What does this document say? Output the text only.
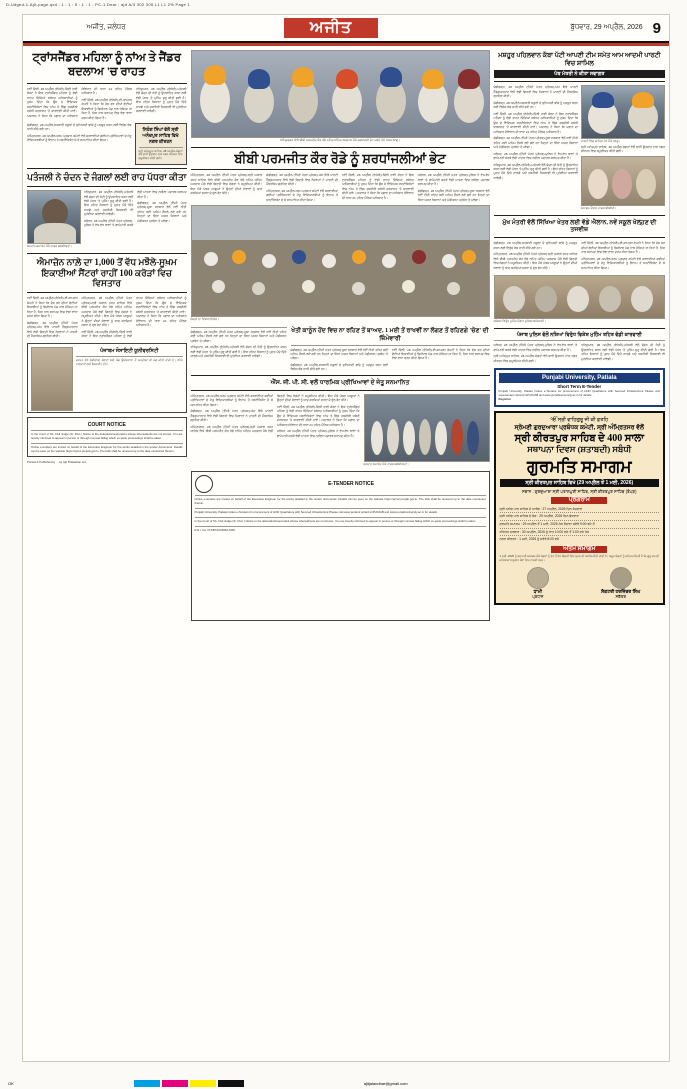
D-Udged-1-Ajit-page.qxd : 1 : 1 : 5 : 1 : 1 : PC-1 Dear : ajit A/3 302 305 L1 L1 2% Page 1
ਅਜੀਤ, ਜਲੰਧਰ	ਅਜੀਤ	ਬੁੱਧਵਾਰ, 29 ਅਪ੍ਰੈਲ, 2026 9
ਟ੍ਰਾਂਸਜੈਂਡਰ ਮਹਿਲਾ ਨੂੰ ਨਾਂਅ ਤੇ ਜੈਂਡਰ ਬਦਲਾਅ 'ਚ ਰਾਹਤ

ਨਵੀਂ ਦਿੱਲੀ, 28 ਅਪ੍ਰੈਲ (ਏਜੰਸੀ)-ਦਿੱਲੀ ਹਾਈ ਕੋਰਟ ਨੇ ਇਕ ਟ੍ਰਾਂਸਜੈਂਡਰ ਮਹਿਲਾ ਨੂੰ ਵੱਡੀ ਰਾਹਤ ਦਿੰਦਿਆਂ ਸਬੰਧਤ ਅਧਿਕਾਰੀਆਂ ਨੂੰ ਹੁਕਮ ਦਿੱਤਾ ਕਿ ਉਸ ਦੇ ਵਿੱਦਿਅਕ ਸਰਟੀਫਿਕੇਟਾਂ ਵਿਚ ਨਾਂਅ ਤੇ ਲਿੰਗ ਤਬਦੀਲੀ ਸਬੰਧੀ ਦਰਖ਼ਾਸਤ 'ਤੇ ਕਾਰਵਾਈ ਕੀਤੀ ਜਾਵੇ। ਅਦਾਲਤ ਨੇ ਕਿਹਾ ਕਿ ਪਛਾਣ ਦਾ ਅਧਿਕਾਰ ਸੰਵਿਧਾਨ ਦੀ ਧਾਰਾ 21 ਤਹਿਤ ਮੌਲਿਕ ਅਧਿਕਾਰ ਹੈ।

ਨਵੀਂ ਦਿੱਲੀ, 28 ਅਪ੍ਰੈਲ (ਏਜੰਸੀ)-ਈ-ਕਾਮਰਸ ਕੰਪਨੀ ਨੇ ਕਿਹਾ ਕਿ ਦੇਸ਼ ਭਰ ਦੀਆਂ ਛੋਟੀਆਂ ਇਕਾਈਆਂ ਨੂੰ ਡਿਜੀਟਲ ਮੰਚ ਨਾਲ ਜੋੜਿਆ ਜਾ ਰਿਹਾ ਹੈ, ਜਿਸ ਨਾਲ ਬਰਾਮਦ ਵਿਚ ਵੱਡਾ ਵਾਧਾ ਦਰਜ ਕੀਤਾ ਗਿਆ ਹੈ।

ਹਰਿਦੁਆਰ, 28 ਅਪ੍ਰੈਲ (ਏਜੰਸੀ)-ਪਤੰਜਲੀ ਵੱਲੋਂ ਚੰਦਨ ਦੀ ਖੇਤੀ ਨੂੰ ਉਤਸ਼ਾਹਿਤ ਕਰਨ ਲਈ ਵੱਡੀ ਪੱਧਰ 'ਤੇ ਮੁਹਿੰਮ ਸ਼ੁਰੂ ਕੀਤੀ ਗਈ ਹੈ। ਇਸ ਤਹਿਤ ਕਿਸਾਨਾਂ ਨੂੰ ਮੁਫ਼ਤ ਪੌਦੇ ਦਿੱਤੇ ਜਾਣਗੇ ਅਤੇ ਤਕਨੀਕੀ ਸਿਖਲਾਈ ਵੀ ਮੁਹੱਈਆ ਕਰਵਾਈ ਜਾਵੇਗੀ।

ਚੰਡੀਗੜ੍ਹ, 28 ਅਪ੍ਰੈਲ-ਸਰਕਾਰੀ ਸਕੂਲਾਂ ਦੇ ਬੁਨਿਆਦੀ ਢਾਂਚੇ ਨੂੰ ਮਜ਼ਬੂਤ ਕਰਨ ਲਈ ਵਿਸ਼ੇਸ਼ ਫੰਡ ਜਾਰੀ ਕੀਤੇ ਗਏ ਹਨ।

ਅੰਮ੍ਰਿਤਸਰ, 28 ਅਪ੍ਰੈਲ-ਧਰਮ ਪ੍ਰਚਾਰ ਕਮੇਟੀ ਵੱਲੋਂ ਕਰਵਾਈਆਂ ਗਈਆਂ ਪ੍ਰੀਖਿਆਵਾਂ ਦੇ ਜੇਤੂ ਵਿਦਿਆਰਥੀਆਂ ਨੂੰ ਇਨਾਮ ਤੇ ਸਰਟੀਫਿਕੇਟ ਦੇ ਕੇ ਸਨਮਾਨਿਤ ਕੀਤਾ ਗਿਆ।

ਨਿਹੰਗ ਸਿੰਘਾਂ ਵੱਲੋਂ ਸ੍ਰੀ ਅਨੰਦਪੁਰ ਸਾਹਿਬ ਵਿਖੇ ਨਗਰ ਕੀਰਤਨ
ਸ੍ਰੀ ਅਨੰਦਪੁਰ ਸਾਹਿਬ, 28 ਅਪ੍ਰੈਲ-ਸੰਗਤਾਂ ਵੱਲੋਂ ਭਾਰੀ ਉਤਸ਼ਾਹ ਨਾਲ ਨਗਰ ਕੀਰਤਨ ਵਿਚ ਸ਼ਮੂਲੀਅਤ ਕੀਤੀ ਗਈ।
ਪਤੰਜਲੀ ਨੇ ਚੰਦਨ ਦੇ ਜੰਗਲਾਂ ਲਈ ਰਾਹ ਪੱਧਰਾ ਕੀਤਾ
ਸਨਮਾਨ ਸਮਾਰੋਹ ਮੌਕੇ ਹਾਜ਼ਰ ਸ਼ਖ਼ਸੀਅਤਾਂ।

ਹਰਿਦੁਆਰ, 28 ਅਪ੍ਰੈਲ (ਏਜੰਸੀ)-ਪਤੰਜਲੀ ਵੱਲੋਂ ਚੰਦਨ ਦੀ ਖੇਤੀ ਨੂੰ ਉਤਸ਼ਾਹਿਤ ਕਰਨ ਲਈ ਵੱਡੀ ਪੱਧਰ 'ਤੇ ਮੁਹਿੰਮ ਸ਼ੁਰੂ ਕੀਤੀ ਗਈ ਹੈ। ਇਸ ਤਹਿਤ ਕਿਸਾਨਾਂ ਨੂੰ ਮੁਫ਼ਤ ਪੌਦੇ ਦਿੱਤੇ ਜਾਣਗੇ ਅਤੇ ਤਕਨੀਕੀ ਸਿਖਲਾਈ ਵੀ ਮੁਹੱਈਆ ਕਰਵਾਈ ਜਾਵੇਗੀ।

ਜਲੰਧਰ, 28 ਅਪ੍ਰੈਲ (ਨਿੱਜੀ ਪੱਤਰ ਪ੍ਰੇਰਕ)-ਪੁਲਿਸ ਨੇ ਵੱਖ-ਵੱਖ ਥਾਵਾਂ 'ਤੇ ਛਾਪੇਮਾਰੀ ਕਰਕੇ ਵੱਡੀ ਮਾਤਰਾ ਵਿਚ ਨਸ਼ੀਲਾ ਪਦਾਰਥ ਬਰਾਮਦ ਕੀਤਾ ਹੈ।

ਚੰਡੀਗੜ੍ਹ, 28 ਅਪ੍ਰੈਲ (ਨਿੱਜੀ ਪੱਤਰ ਪ੍ਰੇਰਕ)-ਸੂਬਾ ਸਰਕਾਰ ਵੱਲੋਂ ਨਵੀਂ ਨੀਤੀ ਤਹਿਤ ਕਈ ਅਹਿਮ ਫ਼ੈਸਲੇ ਲਏ ਗਏ ਹਨ ਜਿਨ੍ਹਾਂ ਦਾ ਸਿੱਧਾ ਅਸਰ ਕਿਸਾਨਾਂ ਅਤੇ ਮੰਡੀਕਰਨ ਪ੍ਰਬੰਧ 'ਤੇ ਪਵੇਗਾ।

ਐਮਾਜ਼ੋਨ ਨਾਲ਼ੇ ਦਾ 1,000 ਤੋਂ ਵੱਧ ਮਝੌਲੇ-ਸੂਖ਼ਮ ਇਕਾਈਆਂ ਸੈਂਟਰਾਂ ਰਾਹੀਂ 100 ਕਰੋੜਾਂ ਵਿਚ ਵਿਸਤਾਰ

ਨਵੀਂ ਦਿੱਲੀ, 28 ਅਪ੍ਰੈਲ (ਏਜੰਸੀ)-ਈ-ਕਾਮਰਸ ਕੰਪਨੀ ਨੇ ਕਿਹਾ ਕਿ ਦੇਸ਼ ਭਰ ਦੀਆਂ ਛੋਟੀਆਂ ਇਕਾਈਆਂ ਨੂੰ ਡਿਜੀਟਲ ਮੰਚ ਨਾਲ ਜੋੜਿਆ ਜਾ ਰਿਹਾ ਹੈ, ਜਿਸ ਨਾਲ ਬਰਾਮਦ ਵਿਚ ਵੱਡਾ ਵਾਧਾ ਦਰਜ ਕੀਤਾ ਗਿਆ ਹੈ।

ਚੰਡੀਗੜ੍ਹ, 28 ਅਪ੍ਰੈਲ (ਨਿੱਜੀ ਪੱਤਰ ਪ੍ਰੇਰਕ)-ਅੱਜ ਇਥੇ ਪਾਰਟੀ ਹੈੱਡਕੁਆਰਟਰ ਵਿਖੇ ਵੱਡੀ ਗਿਣਤੀ ਵਿਚ ਨੌਜਵਾਨਾਂ ਨੇ ਪਾਰਟੀ ਦੀ ਮੈਂਬਰਸ਼ਿਪ ਗ੍ਰਹਿਣ ਕੀਤੀ।

ਅੰਮ੍ਰਿਤਸਰ, 28 ਅਪ੍ਰੈਲ (ਨਿੱਜੀ ਪੱਤਰ ਪ੍ਰੇਰਕ)-ਸ੍ਰੀ ਅਕਾਲ ਤਖ਼ਤ ਸਾਹਿਬ ਵਿਖੇ ਬੀਬੀ ਪਰਮਜੀਤ ਕੌਰ ਰੋਡੇ ਨਮਿੱਤ ਅੰਤਿਮ ਅਰਦਾਸ ਮੌਕੇ ਵੱਡੀ ਗਿਣਤੀ ਵਿਚ ਸੰਗਤਾਂ ਨੇ ਸ਼ਮੂਲੀਅਤ ਕੀਤੀ। ਇਸ ਮੌਕੇ ਪੰਥਕ ਆਗੂਆਂ ਨੇ ਉਨ੍ਹਾਂ ਦੀਆਂ ਸੇਵਾਵਾਂ ਨੂੰ ਯਾਦ ਕਰਦਿਆਂ ਸ਼ਰਧਾ ਦੇ ਫੁੱਲ ਭੇਟ ਕੀਤੇ।

ਨਵੀਂ ਦਿੱਲੀ, 28 ਅਪ੍ਰੈਲ (ਏਜੰਸੀ)-ਦਿੱਲੀ ਹਾਈ ਕੋਰਟ ਨੇ ਇਕ ਟ੍ਰਾਂਸਜੈਂਡਰ ਮਹਿਲਾ ਨੂੰ ਵੱਡੀ ਰਾਹਤ ਦਿੰਦਿਆਂ ਸਬੰਧਤ ਅਧਿਕਾਰੀਆਂ ਨੂੰ ਹੁਕਮ ਦਿੱਤਾ ਕਿ ਉਸ ਦੇ ਵਿੱਦਿਅਕ ਸਰਟੀਫਿਕੇਟਾਂ ਵਿਚ ਨਾਂਅ ਤੇ ਲਿੰਗ ਤਬਦੀਲੀ ਸਬੰਧੀ ਦਰਖ਼ਾਸਤ 'ਤੇ ਕਾਰਵਾਈ ਕੀਤੀ ਜਾਵੇ। ਅਦਾਲਤ ਨੇ ਕਿਹਾ ਕਿ ਪਛਾਣ ਦਾ ਅਧਿਕਾਰ ਸੰਵਿਧਾਨ ਦੀ ਧਾਰਾ 21 ਤਹਿਤ ਮੌਲਿਕ ਅਧਿਕਾਰ ਹੈ।

ਪੰਜਾਬਮ ਸੋਸਾਇਟੀ ਯੂਨੀਵਰਸਿਟੀ
ਦਫ਼ਤਰ ਵੱਲੋਂ ਲੋੜੀਂਦੀਆਂ ਸੇਵਾਵਾਂ ਲਈ ਯੋਗ ਉਮੀਦਵਾਰਾਂ ਤੋਂ ਅਰਜ਼ੀਆਂ ਦੀ ਮੰਗ ਕੀਤੀ ਜਾਂਦੀ ਹੈ। ਵਧੇਰੇ ਜਾਣਕਾਰੀ ਲਈ ਵੈੱਬਸਾਈਟ ਵੇਖੋ।
COURT NOTICE
In the Court of Sh. Civil Judge (Sr. Divn.) Notice to the defendant/respondent whose whereabouts are not known. You are hereby informed to appear in person or through counsel failing which ex-parte proceedings shall be taken.
Online e-tenders are invited on behalf of the Executive Engineer for the works detailed in the tender documents. Details can be seen on the website https://eproc.punjab.gov.in. The bids shall be received up to the date mentioned therein.
Printed & Published by ... for Ajit Prakashan Ltd.
ਅੰਮ੍ਰਿਤਸਰ ਵਿਖੇ ਬੀਬੀ ਪਰਮਜੀਤ ਕੌਰ ਰੋਡੇ ਨਮਿੱਤ ਅੰਤਿਮ ਅਰਦਾਸ ਮੌਕੇ ਸ਼ਰਧਾਂਜਲੀ ਭੇਟ ਕਰਦੇ ਹੋਏ ਪੰਥਕ ਆਗੂ।
ਬੀਬੀ ਪਰਮਜੀਤ ਕੌਰ ਰੋਡੇ ਨੂੰ ਸ਼ਰਧਾਂਜਲੀਆਂ ਭੇਟ

ਅੰਮ੍ਰਿਤਸਰ, 28 ਅਪ੍ਰੈਲ (ਨਿੱਜੀ ਪੱਤਰ ਪ੍ਰੇਰਕ)-ਸ੍ਰੀ ਅਕਾਲ ਤਖ਼ਤ ਸਾਹਿਬ ਵਿਖੇ ਬੀਬੀ ਪਰਮਜੀਤ ਕੌਰ ਰੋਡੇ ਨਮਿੱਤ ਅੰਤਿਮ ਅਰਦਾਸ ਮੌਕੇ ਵੱਡੀ ਗਿਣਤੀ ਵਿਚ ਸੰਗਤਾਂ ਨੇ ਸ਼ਮੂਲੀਅਤ ਕੀਤੀ। ਇਸ ਮੌਕੇ ਪੰਥਕ ਆਗੂਆਂ ਨੇ ਉਨ੍ਹਾਂ ਦੀਆਂ ਸੇਵਾਵਾਂ ਨੂੰ ਯਾਦ ਕਰਦਿਆਂ ਸ਼ਰਧਾ ਦੇ ਫੁੱਲ ਭੇਟ ਕੀਤੇ।

ਚੰਡੀਗੜ੍ਹ, 28 ਅਪ੍ਰੈਲ (ਨਿੱਜੀ ਪੱਤਰ ਪ੍ਰੇਰਕ)-ਅੱਜ ਇਥੇ ਪਾਰਟੀ ਹੈੱਡਕੁਆਰਟਰ ਵਿਖੇ ਵੱਡੀ ਗਿਣਤੀ ਵਿਚ ਨੌਜਵਾਨਾਂ ਨੇ ਪਾਰਟੀ ਦੀ ਮੈਂਬਰਸ਼ਿਪ ਗ੍ਰਹਿਣ ਕੀਤੀ।

ਅੰਮ੍ਰਿਤਸਰ, 28 ਅਪ੍ਰੈਲ-ਧਰਮ ਪ੍ਰਚਾਰ ਕਮੇਟੀ ਵੱਲੋਂ ਕਰਵਾਈਆਂ ਗਈਆਂ ਪ੍ਰੀਖਿਆਵਾਂ ਦੇ ਜੇਤੂ ਵਿਦਿਆਰਥੀਆਂ ਨੂੰ ਇਨਾਮ ਤੇ ਸਰਟੀਫਿਕੇਟ ਦੇ ਕੇ ਸਨਮਾਨਿਤ ਕੀਤਾ ਗਿਆ।

ਨਵੀਂ ਦਿੱਲੀ, 28 ਅਪ੍ਰੈਲ (ਏਜੰਸੀ)-ਦਿੱਲੀ ਹਾਈ ਕੋਰਟ ਨੇ ਇਕ ਟ੍ਰਾਂਸਜੈਂਡਰ ਮਹਿਲਾ ਨੂੰ ਵੱਡੀ ਰਾਹਤ ਦਿੰਦਿਆਂ ਸਬੰਧਤ ਅਧਿਕਾਰੀਆਂ ਨੂੰ ਹੁਕਮ ਦਿੱਤਾ ਕਿ ਉਸ ਦੇ ਵਿੱਦਿਅਕ ਸਰਟੀਫਿਕੇਟਾਂ ਵਿਚ ਨਾਂਅ ਤੇ ਲਿੰਗ ਤਬਦੀਲੀ ਸਬੰਧੀ ਦਰਖ਼ਾਸਤ 'ਤੇ ਕਾਰਵਾਈ ਕੀਤੀ ਜਾਵੇ। ਅਦਾਲਤ ਨੇ ਕਿਹਾ ਕਿ ਪਛਾਣ ਦਾ ਅਧਿਕਾਰ ਸੰਵਿਧਾਨ ਦੀ ਧਾਰਾ 21 ਤਹਿਤ ਮੌਲਿਕ ਅਧਿਕਾਰ ਹੈ।

ਜਲੰਧਰ, 28 ਅਪ੍ਰੈਲ (ਨਿੱਜੀ ਪੱਤਰ ਪ੍ਰੇਰਕ)-ਪੁਲਿਸ ਨੇ ਵੱਖ-ਵੱਖ ਥਾਵਾਂ 'ਤੇ ਛਾਪੇਮਾਰੀ ਕਰਕੇ ਵੱਡੀ ਮਾਤਰਾ ਵਿਚ ਨਸ਼ੀਲਾ ਪਦਾਰਥ ਬਰਾਮਦ ਕੀਤਾ ਹੈ।

ਚੰਡੀਗੜ੍ਹ, 28 ਅਪ੍ਰੈਲ (ਨਿੱਜੀ ਪੱਤਰ ਪ੍ਰੇਰਕ)-ਸੂਬਾ ਸਰਕਾਰ ਵੱਲੋਂ ਨਵੀਂ ਨੀਤੀ ਤਹਿਤ ਕਈ ਅਹਿਮ ਫ਼ੈਸਲੇ ਲਏ ਗਏ ਹਨ ਜਿਨ੍ਹਾਂ ਦਾ ਸਿੱਧਾ ਅਸਰ ਕਿਸਾਨਾਂ ਅਤੇ ਮੰਡੀਕਰਨ ਪ੍ਰਬੰਧ 'ਤੇ ਪਵੇਗਾ।

ਸੰਗਤਾਂ ਦਾ ਵਿਸ਼ਾਲ ਇਕੱਠ।

ਚੰਡੀਗੜ੍ਹ, 28 ਅਪ੍ਰੈਲ (ਨਿੱਜੀ ਪੱਤਰ ਪ੍ਰੇਰਕ)-ਸੂਬਾ ਸਰਕਾਰ ਵੱਲੋਂ ਨਵੀਂ ਨੀਤੀ ਤਹਿਤ ਕਈ ਅਹਿਮ ਫ਼ੈਸਲੇ ਲਏ ਗਏ ਹਨ ਜਿਨ੍ਹਾਂ ਦਾ ਸਿੱਧਾ ਅਸਰ ਕਿਸਾਨਾਂ ਅਤੇ ਮੰਡੀਕਰਨ ਪ੍ਰਬੰਧ 'ਤੇ ਪਵੇਗਾ।

ਹਰਿਦੁਆਰ, 28 ਅਪ੍ਰੈਲ (ਏਜੰਸੀ)-ਪਤੰਜਲੀ ਵੱਲੋਂ ਚੰਦਨ ਦੀ ਖੇਤੀ ਨੂੰ ਉਤਸ਼ਾਹਿਤ ਕਰਨ ਲਈ ਵੱਡੀ ਪੱਧਰ 'ਤੇ ਮੁਹਿੰਮ ਸ਼ੁਰੂ ਕੀਤੀ ਗਈ ਹੈ। ਇਸ ਤਹਿਤ ਕਿਸਾਨਾਂ ਨੂੰ ਮੁਫ਼ਤ ਪੌਦੇ ਦਿੱਤੇ ਜਾਣਗੇ ਅਤੇ ਤਕਨੀਕੀ ਸਿਖਲਾਈ ਵੀ ਮੁਹੱਈਆ ਕਰਵਾਈ ਜਾਵੇਗੀ।

ਖੇਤੀ ਕਾਨੂੰਨ ਹੋਂਦ ਵਿਚ ਨਾ ਰਹਿਣ ਤੋਂ ਬਾਅਦ, 1 ਮਈ ਤੋਂ ਰਾਖਵੀਂ ਨਾ ਲੱਗਣ ਤੋਂ ਰਹਿਣਗੇ 'ਚੋਣ' ਦੀ ਜ਼ਿੰਮੇਵਾਰੀ

ਚੰਡੀਗੜ੍ਹ, 28 ਅਪ੍ਰੈਲ (ਨਿੱਜੀ ਪੱਤਰ ਪ੍ਰੇਰਕ)-ਸੂਬਾ ਸਰਕਾਰ ਵੱਲੋਂ ਨਵੀਂ ਨੀਤੀ ਤਹਿਤ ਕਈ ਅਹਿਮ ਫ਼ੈਸਲੇ ਲਏ ਗਏ ਹਨ ਜਿਨ੍ਹਾਂ ਦਾ ਸਿੱਧਾ ਅਸਰ ਕਿਸਾਨਾਂ ਅਤੇ ਮੰਡੀਕਰਨ ਪ੍ਰਬੰਧ 'ਤੇ ਪਵੇਗਾ।

ਚੰਡੀਗੜ੍ਹ, 28 ਅਪ੍ਰੈਲ-ਸਰਕਾਰੀ ਸਕੂਲਾਂ ਦੇ ਬੁਨਿਆਦੀ ਢਾਂਚੇ ਨੂੰ ਮਜ਼ਬੂਤ ਕਰਨ ਲਈ ਵਿਸ਼ੇਸ਼ ਫੰਡ ਜਾਰੀ ਕੀਤੇ ਗਏ ਹਨ।

ਨਵੀਂ ਦਿੱਲੀ, 28 ਅਪ੍ਰੈਲ (ਏਜੰਸੀ)-ਈ-ਕਾਮਰਸ ਕੰਪਨੀ ਨੇ ਕਿਹਾ ਕਿ ਦੇਸ਼ ਭਰ ਦੀਆਂ ਛੋਟੀਆਂ ਇਕਾਈਆਂ ਨੂੰ ਡਿਜੀਟਲ ਮੰਚ ਨਾਲ ਜੋੜਿਆ ਜਾ ਰਿਹਾ ਹੈ, ਜਿਸ ਨਾਲ ਬਰਾਮਦ ਵਿਚ ਵੱਡਾ ਵਾਧਾ ਦਰਜ ਕੀਤਾ ਗਿਆ ਹੈ।

ਐੱਸ. ਜੀ. ਪੀ. ਸੀ. ਵਲੋਂ ਧਾਰਮਿਕ ਪ੍ਰੀਖਿਆਵਾਂ ਦੇ ਜੇਤੂ ਸਨਮਾਨਿਤ

ਅੰਮ੍ਰਿਤਸਰ, 28 ਅਪ੍ਰੈਲ-ਧਰਮ ਪ੍ਰਚਾਰ ਕਮੇਟੀ ਵੱਲੋਂ ਕਰਵਾਈਆਂ ਗਈਆਂ ਪ੍ਰੀਖਿਆਵਾਂ ਦੇ ਜੇਤੂ ਵਿਦਿਆਰਥੀਆਂ ਨੂੰ ਇਨਾਮ ਤੇ ਸਰਟੀਫਿਕੇਟ ਦੇ ਕੇ ਸਨਮਾਨਿਤ ਕੀਤਾ ਗਿਆ।

ਚੰਡੀਗੜ੍ਹ, 28 ਅਪ੍ਰੈਲ (ਨਿੱਜੀ ਪੱਤਰ ਪ੍ਰੇਰਕ)-ਅੱਜ ਇਥੇ ਪਾਰਟੀ ਹੈੱਡਕੁਆਰਟਰ ਵਿਖੇ ਵੱਡੀ ਗਿਣਤੀ ਵਿਚ ਨੌਜਵਾਨਾਂ ਨੇ ਪਾਰਟੀ ਦੀ ਮੈਂਬਰਸ਼ਿਪ ਗ੍ਰਹਿਣ ਕੀਤੀ।

ਅੰਮ੍ਰਿਤਸਰ, 28 ਅਪ੍ਰੈਲ (ਨਿੱਜੀ ਪੱਤਰ ਪ੍ਰੇਰਕ)-ਸ੍ਰੀ ਅਕਾਲ ਤਖ਼ਤ ਸਾਹਿਬ ਵਿਖੇ ਬੀਬੀ ਪਰਮਜੀਤ ਕੌਰ ਰੋਡੇ ਨਮਿੱਤ ਅੰਤਿਮ ਅਰਦਾਸ ਮੌਕੇ ਵੱਡੀ ਗਿਣਤੀ ਵਿਚ ਸੰਗਤਾਂ ਨੇ ਸ਼ਮੂਲੀਅਤ ਕੀਤੀ। ਇਸ ਮੌਕੇ ਪੰਥਕ ਆਗੂਆਂ ਨੇ ਉਨ੍ਹਾਂ ਦੀਆਂ ਸੇਵਾਵਾਂ ਨੂੰ ਯਾਦ ਕਰਦਿਆਂ ਸ਼ਰਧਾ ਦੇ ਫੁੱਲ ਭੇਟ ਕੀਤੇ।

ਨਵੀਂ ਦਿੱਲੀ, 28 ਅਪ੍ਰੈਲ (ਏਜੰਸੀ)-ਦਿੱਲੀ ਹਾਈ ਕੋਰਟ ਨੇ ਇਕ ਟ੍ਰਾਂਸਜੈਂਡਰ ਮਹਿਲਾ ਨੂੰ ਵੱਡੀ ਰਾਹਤ ਦਿੰਦਿਆਂ ਸਬੰਧਤ ਅਧਿਕਾਰੀਆਂ ਨੂੰ ਹੁਕਮ ਦਿੱਤਾ ਕਿ ਉਸ ਦੇ ਵਿੱਦਿਅਕ ਸਰਟੀਫਿਕੇਟਾਂ ਵਿਚ ਨਾਂਅ ਤੇ ਲਿੰਗ ਤਬਦੀਲੀ ਸਬੰਧੀ ਦਰਖ਼ਾਸਤ 'ਤੇ ਕਾਰਵਾਈ ਕੀਤੀ ਜਾਵੇ। ਅਦਾਲਤ ਨੇ ਕਿਹਾ ਕਿ ਪਛਾਣ ਦਾ ਅਧਿਕਾਰ ਸੰਵਿਧਾਨ ਦੀ ਧਾਰਾ 21 ਤਹਿਤ ਮੌਲਿਕ ਅਧਿਕਾਰ ਹੈ।

ਜਲੰਧਰ, 28 ਅਪ੍ਰੈਲ (ਨਿੱਜੀ ਪੱਤਰ ਪ੍ਰੇਰਕ)-ਪੁਲਿਸ ਨੇ ਵੱਖ-ਵੱਖ ਥਾਵਾਂ 'ਤੇ ਛਾਪੇਮਾਰੀ ਕਰਕੇ ਵੱਡੀ ਮਾਤਰਾ ਵਿਚ ਨਸ਼ੀਲਾ ਪਦਾਰਥ ਬਰਾਮਦ ਕੀਤਾ ਹੈ।

ਸਨਮਾਨ ਸਮਾਰੋਹ ਮੌਕੇ ਹਾਜ਼ਰ ਸ਼ਖ਼ਸੀਅਤਾਂ।
E-TENDER NOTICE
Online e-tenders are invited on behalf of the Executive Engineer for the works detailed in the tender documents. Details can be seen on the website https://eproc.punjab.gov.in. The bids shall be received up to the date mentioned therein.
Punjabi University, Patiala invites e-Tenders for procurement of HOD Quadrature with Secured Infrastructure Please visit www.tenders wizard.in/PUNJAB and www.punjabiuniversity.ac.in for details.
In the Court of Sh. Civil Judge (Sr. Divn.) Notice to the defendant/respondent whose whereabouts are not known. You are hereby informed to appear in person or through counsel failing which ex-parte proceedings shall be taken.
R.N.I. No. PUNPUN/2006/17600
ਮਸ਼ਹੂਰ ਪਹਿਲਵਾਨ ਕੱਬਾ ਪੱਟੀ ਆਪਣੀ ਟੀਮ ਸਮੇਤ ਆਮ ਆਦਮੀ ਪਾਰਟੀ ਵਿਚ ਸ਼ਾਮਿਲ
ਪੰਥ ਮੰਤਰੀ ਨੇ ਕੀਤਾ ਸਵਾਗਤ

ਚੰਡੀਗੜ੍ਹ, 28 ਅਪ੍ਰੈਲ (ਨਿੱਜੀ ਪੱਤਰ ਪ੍ਰੇਰਕ)-ਅੱਜ ਇਥੇ ਪਾਰਟੀ ਹੈੱਡਕੁਆਰਟਰ ਵਿਖੇ ਵੱਡੀ ਗਿਣਤੀ ਵਿਚ ਨੌਜਵਾਨਾਂ ਨੇ ਪਾਰਟੀ ਦੀ ਮੈਂਬਰਸ਼ਿਪ ਗ੍ਰਹਿਣ ਕੀਤੀ।

ਚੰਡੀਗੜ੍ਹ, 28 ਅਪ੍ਰੈਲ-ਸਰਕਾਰੀ ਸਕੂਲਾਂ ਦੇ ਬੁਨਿਆਦੀ ਢਾਂਚੇ ਨੂੰ ਮਜ਼ਬੂਤ ਕਰਨ ਲਈ ਵਿਸ਼ੇਸ਼ ਫੰਡ ਜਾਰੀ ਕੀਤੇ ਗਏ ਹਨ।

ਨਵੀਂ ਦਿੱਲੀ, 28 ਅਪ੍ਰੈਲ (ਏਜੰਸੀ)-ਦਿੱਲੀ ਹਾਈ ਕੋਰਟ ਨੇ ਇਕ ਟ੍ਰਾਂਸਜੈਂਡਰ ਮਹਿਲਾ ਨੂੰ ਵੱਡੀ ਰਾਹਤ ਦਿੰਦਿਆਂ ਸਬੰਧਤ ਅਧਿਕਾਰੀਆਂ ਨੂੰ ਹੁਕਮ ਦਿੱਤਾ ਕਿ ਉਸ ਦੇ ਵਿੱਦਿਅਕ ਸਰਟੀਫਿਕੇਟਾਂ ਵਿਚ ਨਾਂਅ ਤੇ ਲਿੰਗ ਤਬਦੀਲੀ ਸਬੰਧੀ ਦਰਖ਼ਾਸਤ 'ਤੇ ਕਾਰਵਾਈ ਕੀਤੀ ਜਾਵੇ। ਅਦਾਲਤ ਨੇ ਕਿਹਾ ਕਿ ਪਛਾਣ ਦਾ ਅਧਿਕਾਰ ਸੰਵਿਧਾਨ ਦੀ ਧਾਰਾ 21 ਤਹਿਤ ਮੌਲਿਕ ਅਧਿਕਾਰ ਹੈ।

ਚੰਡੀਗੜ੍ਹ, 28 ਅਪ੍ਰੈਲ (ਨਿੱਜੀ ਪੱਤਰ ਪ੍ਰੇਰਕ)-ਸੂਬਾ ਸਰਕਾਰ ਵੱਲੋਂ ਨਵੀਂ ਨੀਤੀ ਤਹਿਤ ਕਈ ਅਹਿਮ ਫ਼ੈਸਲੇ ਲਏ ਗਏ ਹਨ ਜਿਨ੍ਹਾਂ ਦਾ ਸਿੱਧਾ ਅਸਰ ਕਿਸਾਨਾਂ ਅਤੇ ਮੰਡੀਕਰਨ ਪ੍ਰਬੰਧ 'ਤੇ ਪਵੇਗਾ।

ਜਲੰਧਰ, 28 ਅਪ੍ਰੈਲ (ਨਿੱਜੀ ਪੱਤਰ ਪ੍ਰੇਰਕ)-ਪੁਲਿਸ ਨੇ ਵੱਖ-ਵੱਖ ਥਾਵਾਂ 'ਤੇ ਛਾਪੇਮਾਰੀ ਕਰਕੇ ਵੱਡੀ ਮਾਤਰਾ ਵਿਚ ਨਸ਼ੀਲਾ ਪਦਾਰਥ ਬਰਾਮਦ ਕੀਤਾ ਹੈ।

ਹਰਿਦੁਆਰ, 28 ਅਪ੍ਰੈਲ (ਏਜੰਸੀ)-ਪਤੰਜਲੀ ਵੱਲੋਂ ਚੰਦਨ ਦੀ ਖੇਤੀ ਨੂੰ ਉਤਸ਼ਾਹਿਤ ਕਰਨ ਲਈ ਵੱਡੀ ਪੱਧਰ 'ਤੇ ਮੁਹਿੰਮ ਸ਼ੁਰੂ ਕੀਤੀ ਗਈ ਹੈ। ਇਸ ਤਹਿਤ ਕਿਸਾਨਾਂ ਨੂੰ ਮੁਫ਼ਤ ਪੌਦੇ ਦਿੱਤੇ ਜਾਣਗੇ ਅਤੇ ਤਕਨੀਕੀ ਸਿਖਲਾਈ ਵੀ ਮੁਹੱਈਆ ਕਰਵਾਈ ਜਾਵੇਗੀ।

ਪਾਰਟੀ ਵਿਚ ਸ਼ਾਮਿਲ ਹੋਣ ਮੌਕੇ ਆਗੂ।

ਸ੍ਰੀ ਅਨੰਦਪੁਰ ਸਾਹਿਬ, 28 ਅਪ੍ਰੈਲ-ਸੰਗਤਾਂ ਵੱਲੋਂ ਭਾਰੀ ਉਤਸ਼ਾਹ ਨਾਲ ਨਗਰ ਕੀਰਤਨ ਵਿਚ ਸ਼ਮੂਲੀਅਤ ਕੀਤੀ ਗਈ।

ਸਮਾਗਮ ਦੌਰਾਨ ਹਾਜ਼ਰ ਬੀਬੀਆਂ।
ਮੁੱਖ ਮੰਤਰੀ ਵੱਲੋਂ ਸਿੱਖਿਆ ਖੇਤਰ ਲਈ ਵੱਡੇ ਐਲਾਨ, ਨਵੇਂ ਸਕੂਲ ਖੋਲ੍ਹਣ ਦੀ ਤਜਵੀਜ਼

ਚੰਡੀਗੜ੍ਹ, 28 ਅਪ੍ਰੈਲ-ਸਰਕਾਰੀ ਸਕੂਲਾਂ ਦੇ ਬੁਨਿਆਦੀ ਢਾਂਚੇ ਨੂੰ ਮਜ਼ਬੂਤ ਕਰਨ ਲਈ ਵਿਸ਼ੇਸ਼ ਫੰਡ ਜਾਰੀ ਕੀਤੇ ਗਏ ਹਨ।

ਅੰਮ੍ਰਿਤਸਰ, 28 ਅਪ੍ਰੈਲ (ਨਿੱਜੀ ਪੱਤਰ ਪ੍ਰੇਰਕ)-ਸ੍ਰੀ ਅਕਾਲ ਤਖ਼ਤ ਸਾਹਿਬ ਵਿਖੇ ਬੀਬੀ ਪਰਮਜੀਤ ਕੌਰ ਰੋਡੇ ਨਮਿੱਤ ਅੰਤਿਮ ਅਰਦਾਸ ਮੌਕੇ ਵੱਡੀ ਗਿਣਤੀ ਵਿਚ ਸੰਗਤਾਂ ਨੇ ਸ਼ਮੂਲੀਅਤ ਕੀਤੀ। ਇਸ ਮੌਕੇ ਪੰਥਕ ਆਗੂਆਂ ਨੇ ਉਨ੍ਹਾਂ ਦੀਆਂ ਸੇਵਾਵਾਂ ਨੂੰ ਯਾਦ ਕਰਦਿਆਂ ਸ਼ਰਧਾ ਦੇ ਫੁੱਲ ਭੇਟ ਕੀਤੇ।

ਨਵੀਂ ਦਿੱਲੀ, 28 ਅਪ੍ਰੈਲ (ਏਜੰਸੀ)-ਈ-ਕਾਮਰਸ ਕੰਪਨੀ ਨੇ ਕਿਹਾ ਕਿ ਦੇਸ਼ ਭਰ ਦੀਆਂ ਛੋਟੀਆਂ ਇਕਾਈਆਂ ਨੂੰ ਡਿਜੀਟਲ ਮੰਚ ਨਾਲ ਜੋੜਿਆ ਜਾ ਰਿਹਾ ਹੈ, ਜਿਸ ਨਾਲ ਬਰਾਮਦ ਵਿਚ ਵੱਡਾ ਵਾਧਾ ਦਰਜ ਕੀਤਾ ਗਿਆ ਹੈ।

ਅੰਮ੍ਰਿਤਸਰ, 28 ਅਪ੍ਰੈਲ-ਧਰਮ ਪ੍ਰਚਾਰ ਕਮੇਟੀ ਵੱਲੋਂ ਕਰਵਾਈਆਂ ਗਈਆਂ ਪ੍ਰੀਖਿਆਵਾਂ ਦੇ ਜੇਤੂ ਵਿਦਿਆਰਥੀਆਂ ਨੂੰ ਇਨਾਮ ਤੇ ਸਰਟੀਫਿਕੇਟ ਦੇ ਕੇ ਸਨਮਾਨਿਤ ਕੀਤਾ ਗਿਆ।

ਨਸ਼ਿਆਂ ਵਿਰੁੱਧ ਮੁਹਿੰਮ ਦੌਰਾਨ ਪੁਲਿਸ ਅਧਿਕਾਰੀ।
ਪੰਜਾਬ ਪੁਲਿਸ ਵੱਲੋਂ ਨਸ਼ਿਆਂ ਵਿਰੁੱਧ ਵਿਸ਼ੇਸ਼ ਮੁਹਿੰਮ ਤਹਿਤ ਵੱਡੀ ਕਾਰਵਾਈ

ਜਲੰਧਰ, 28 ਅਪ੍ਰੈਲ (ਨਿੱਜੀ ਪੱਤਰ ਪ੍ਰੇਰਕ)-ਪੁਲਿਸ ਨੇ ਵੱਖ-ਵੱਖ ਥਾਵਾਂ 'ਤੇ ਛਾਪੇਮਾਰੀ ਕਰਕੇ ਵੱਡੀ ਮਾਤਰਾ ਵਿਚ ਨਸ਼ੀਲਾ ਪਦਾਰਥ ਬਰਾਮਦ ਕੀਤਾ ਹੈ।

ਸ੍ਰੀ ਅਨੰਦਪੁਰ ਸਾਹਿਬ, 28 ਅਪ੍ਰੈਲ-ਸੰਗਤਾਂ ਵੱਲੋਂ ਭਾਰੀ ਉਤਸ਼ਾਹ ਨਾਲ ਨਗਰ ਕੀਰਤਨ ਵਿਚ ਸ਼ਮੂਲੀਅਤ ਕੀਤੀ ਗਈ।

ਹਰਿਦੁਆਰ, 28 ਅਪ੍ਰੈਲ (ਏਜੰਸੀ)-ਪਤੰਜਲੀ ਵੱਲੋਂ ਚੰਦਨ ਦੀ ਖੇਤੀ ਨੂੰ ਉਤਸ਼ਾਹਿਤ ਕਰਨ ਲਈ ਵੱਡੀ ਪੱਧਰ 'ਤੇ ਮੁਹਿੰਮ ਸ਼ੁਰੂ ਕੀਤੀ ਗਈ ਹੈ। ਇਸ ਤਹਿਤ ਕਿਸਾਨਾਂ ਨੂੰ ਮੁਫ਼ਤ ਪੌਦੇ ਦਿੱਤੇ ਜਾਣਗੇ ਅਤੇ ਤਕਨੀਕੀ ਸਿਖਲਾਈ ਵੀ ਮੁਹੱਈਆ ਕਰਵਾਈ ਜਾਵੇਗੀ।

Punjabi University, Patiala
Short Term E-Tender
Punjabi University, Patiala invites e-Tenders for procurement of HOD Quadrature with Secured Infrastructure Please visit www.tenders wizard.in/PUNJAB and www.punjabiuniversity.ac.in for details.
Registrar
ੴ ਸ੍ਰੀ ਵਾਹਿਗੁਰੂ ਜੀ ਕੀ ਫ਼ਤਹਿ
ਸ੍ਰੋਮਣੀ ਗੁਰਦੁਆਰਾ ਪ੍ਰਬੰਧਕ ਕਮੇਟੀ, ਸ੍ਰੀ ਅੰਮ੍ਰਿਤਸਰ ਵੱਲੋਂ
ਸ੍ਰੀ ਕੀਰਤਪੁਰ ਸਾਹਿਬ ਦੇ 400 ਸਾਲਾ
ਸਥਾਪਨਾ ਦਿਵਸ (ਸ਼ਤਾਬਦੀ) ਸਬੰਧੀ
ਗੁਰਮਤਿ ਸਮਾਗਮ
ਸ੍ਰੀ ਕੀਰਤਪੁਰ ਸਾਹਿਬ ਵਿਖੇ (29 ਅਪ੍ਰੈਲ ਤੋਂ 1 ਮਈ, 2026)
ਸਥਾਨ : ਗੁਰਦੁਆਰਾ ਸ੍ਰੀ ਪਤਾਲਪੁਰੀ ਸਾਹਿਬ, ਸ੍ਰੀ ਕੀਰਤਪੁਰ ਸਾਹਿਬ (ਰੋਪੜ)
ਪ੍ਰੋਗਰਾਮ
ਸ੍ਰੀ ਅਖੰਡ ਪਾਠ ਸਾਹਿਬ ਦੇ ਆਰੰਭ : 27 ਅਪ੍ਰੈਲ, 2026 ਦਿਨ ਸੋਮਵਾਰ
ਸ੍ਰੀ ਅਖੰਡ ਪਾਠ ਸਾਹਿਬ ਦੇ ਭੋਗ : 29 ਅਪ੍ਰੈਲ, 2026 ਦਿਨ ਬੁੱਧਵਾਰ
ਗੁਰਮਤਿ ਸਮਾਗਮ : 29 ਅਪ੍ਰੈਲ ਤੋਂ 1 ਮਈ, 2026 ਤੱਕ ਰੋਜ਼ਾਨਾ ਸਵੇਰੇ 9:00 ਵਜੇ ਤੋਂ
ਕੀਰਤਨ ਦਰਬਾਰ : 30 ਅਪ੍ਰੈਲ, 2026 ਨੂੰ ਰਾਤ 10:00 ਵਜੇ ਤੋਂ 1:00 ਵਜੇ ਤੱਕ
ਨਗਰ ਕੀਰਤਨ : 1 ਮਈ, 2026 ਨੂੰ ਸਵੇਰੇ 8:00 ਵਜੇ
ਅੰਤਮ ਸਮਾਗਮ
1 ਮਈ, 2026 ਨੂੰ ਸਮਾਪਤੀ ਸਮਾਗਮ ਮੌਕੇ ਸੰਗਤਾਂ ਨੂੰ ਵੱਧ ਤੋਂ ਵੱਧ ਗਿਣਤੀ ਵਿਚ ਪੁੱਜਣ ਦੀ ਅਪੀਲ ਕੀਤੀ ਜਾਂਦੀ ਹੈ। ਸਮੂਹ ਸੰਗਤਾਂ ਨੂੰ ਸਨਿਮਰ ਬੇਨਤੀ ਹੈ ਕਿ ਗੁਰੂ ਘਰ ਦੀ ਮਰਿਆਦਾ ਅਨੁਸਾਰ ਸੇਵਾ ਵਿਚ ਹਾਜ਼ਰੀ ਭਰਨ।
ਧਾਮੀ
ਪ੍ਰਧਾਨ
ਸੈਕਟਰੀ ਹਰਜਿੰਦਰ ਸਿੰਘ
ਸਕੱਤਰ
OK	ajitjalandhar@gmail.com
